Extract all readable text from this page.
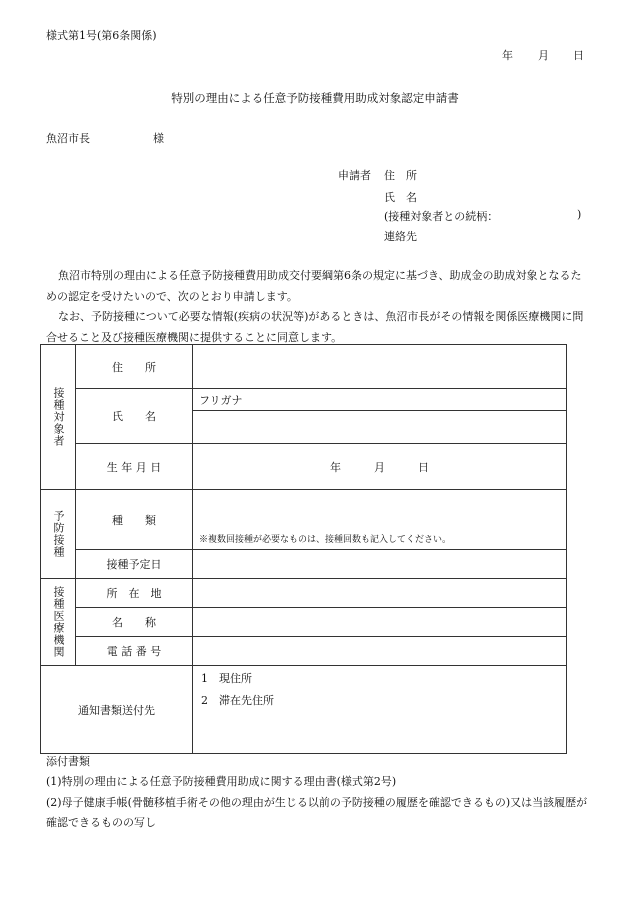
様式第1号(第6条関係)
年 月 日
特別の理由による任意予防接種費用助成対象認定申請書
魚沼市長	様
申請者 住　所
氏　名
(接種対象者との続柄：	)
連絡先

魚沼市特別の理由による任意予防接種費用助成交付要綱第6条の規定に基づき、助成金の助成対象となるための認定を受けたいので、次のとおり申請します。

なお、予防接種について必要な情報(疾病の状況等)があるときは、魚沼市長がその情報を関係医療機関に問合せること及び接種医療機関に提供することに同意します。

接種対象者	住　　所	
	氏　　名	フリガナ

	生 年 月 日	年 月 日

予防接種	種　　類	※複数回接種が必要なものは、接種回数も記入してください。

	接種予定日	

接種医療機関	所　在　地	
	名　　称	
	電 話 番 号	
通知書類送付先		1　現住所
2　滞在先住所
添付書類
(1)特別の理由による任意予防接種費用助成に関する理由書(様式第2号)
(2)母子健康手帳(骨髄移植手術その他の理由が生じる以前の予防接種の履歴を確認できるもの)又は当該履歴が確認できるものの写し
